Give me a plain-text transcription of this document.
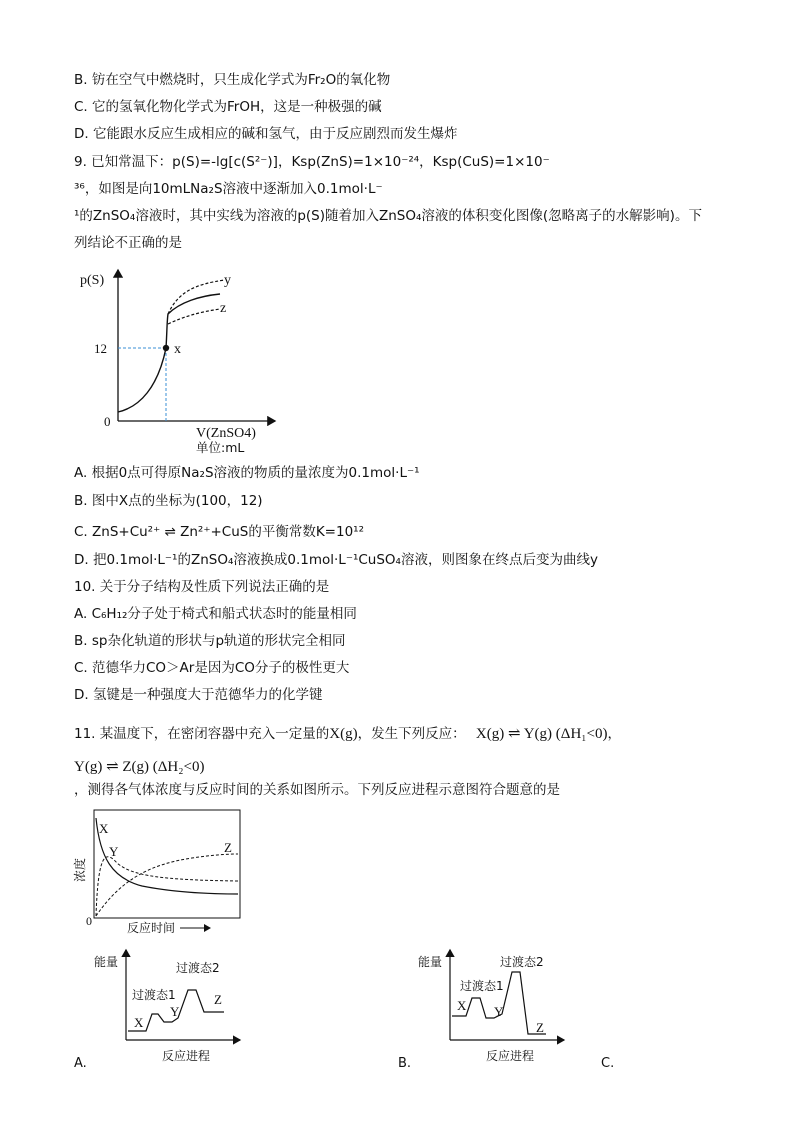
B. 钫在空气中燃烧时，只生成化学式为Fr₂O的氧化物
C. 它的氢氧化物化学式为FrOH，这是一种极强的碱
D. 它能跟水反应生成相应的碱和氢气，由于反应剧烈而发生爆炸
9. 已知常温下：p(S)=-lg[c(S²⁻)]，Ksp(ZnS)=1×10⁻²⁴，Ksp(CuS)=1×10⁻
³⁶，如图是向10mLNa₂S溶液中逐渐加入0.1mol·L⁻
¹的ZnSO₄溶液时，其中实线为溶液的p(S)随着加入ZnSO₄溶液的体积变化图像(忽略离子的水解影响)。下
列结论不正确的是
p(S)
0
12	x
y
z
V(ZnSO4)
单位:mL
A. 根据0点可得原Na₂S溶液的物质的量浓度为0.1mol·L⁻¹
B. 图中X点的坐标为(100，12)
C. ZnS+Cu²⁺ ⇌ Zn²⁺+CuS的平衡常数K=10¹²
D. 把0.1mol·L⁻¹的ZnSO₄溶液换成0.1mol·L⁻¹CuSO₄溶液，则图象在终点后变为曲线y
10. 关于分子结构及性质下列说法正确的是
A. C₆H₁₂分子处于椅式和船式状态时的能量相同
B. sp杂化轨道的形状与p轨道的形状完全相同
C. 范德华力CO＞Ar是因为CO分子的极性更大
D. 氢键是一种强度大于范德华力的化学键
11. 某温度下，在密闭容器中充入一定量的X(g)，发生下列反应： X(g) ⇌ Y(g) (ΔH₁<0)，
Y(g) ⇌ Z(g) (ΔH₂<0)
，测得各气体浓度与反应时间的关系如图所示。下列反应进程示意图符合题意的是
0
浓度
X
Y	Z
反应时间
能量
反应进程
过渡态1
过渡态2
X
Y
Z
A.
能量
反应进程
过渡态1
过渡态2
X Y
Z
B.	C.
